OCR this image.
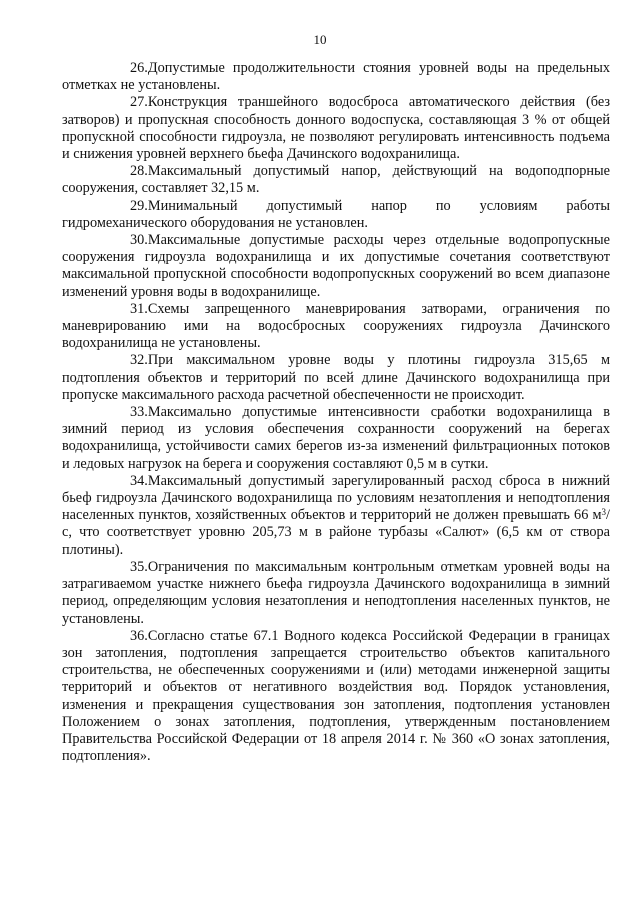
10

26.Допустимые продолжительности стояния уровней воды на предельных отметках не установлены.

27.Конструкция траншейного водосброса автоматического действия (без затворов) и пропускная способность донного водоспуска, составляющая 3 % от общей пропускной способности гидроузла, не позволяют регулировать интенсивность подъема и снижения уровней верхнего бьефа Дачинского водохранилища.

28.Максимальный допустимый напор, действующий на водоподпорные сооружения, составляет 32,15 м.

29.Минимальный допустимый напор по условиям работы гидромеханического оборудования не установлен.

30.Максимальные допустимые расходы через отдельные водопропускные сооружения гидроузла водохранилища и их допустимые сочетания соответствуют максимальной пропускной способности водопропускных сооружений во всем диапазоне изменений уровня воды в водохранилище.

31.Схемы запрещенного маневрирования затворами, ограничения по маневрированию ими на водосбросных сооружениях гидроузла Дачинского водохранилища не установлены.

32.При максимальном уровне воды у плотины гидроузла 315,65 м подтопления объектов и территорий по всей длине Дачинского водохранилища при пропуске максимального расхода расчетной обеспеченности не происходит.

33.Максимально допустимые интенсивности сработки водохранилища в зимний период из условия обеспечения сохранности сооружений на берегах водохранилища, устойчивости самих берегов из-за изменений фильтрационных потоков и ледовых нагрузок на берега и сооружения составляют 0,5 м в сутки.

34.Максимальный допустимый зарегулированный расход сброса в нижний бьеф гидроузла Дачинского водохранилища по условиям незатопления и неподтопления населенных пунктов, хозяйственных объектов и территорий не должен превышать 66 $м^3/с$, что соответствует уровню 205,73 м в районе турбазы «Салют» (6,5 км от створа плотины).

35.Ограничения по максимальным контрольным отметкам уровней воды на затрагиваемом участке нижнего бьефа гидроузла Дачинского водохранилища в зимний период, определяющим условия незатопления и неподтопления населенных пунктов, не установлены.

36.Согласно статье 67.1 Водного кодекса Российской Федерации в границах зон затопления, подтопления запрещается строительство объектов капитального строительства, не обеспеченных сооружениями и (или) методами инженерной защиты территорий и объектов от негативного воздействия вод. Порядок установления, изменения и прекращения существования зон затопления, подтопления установлен Положением о зонах затопления, подтопления, утвержденным постановлением Правительства Российской Федерации от 18 апреля 2014 г. № 360 «О зонах затопления, подтопления».
